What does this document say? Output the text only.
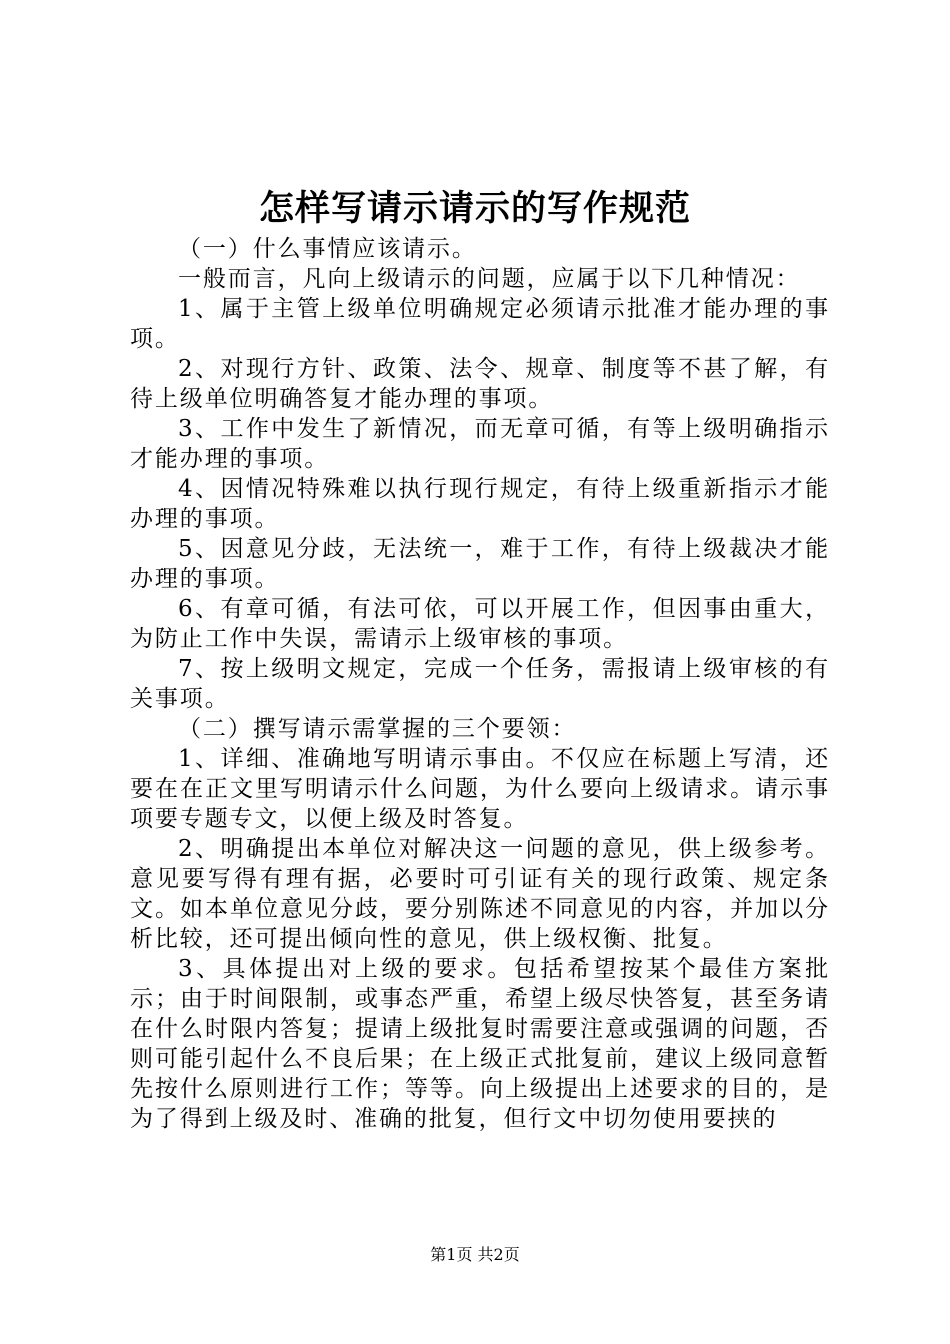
怎样写请示请示的写作规范

（一）什么事情应该请示。

一般而言，凡向上级请示的问题，应属于以下几种情况：

1、属于主管上级单位明确规定必须请示批准才能办理的事项。

2、对现行方针、政策、法令、规章、制度等不甚了解，有待上级单位明确答复才能办理的事项。

3、工作中发生了新情况，而无章可循，有等上级明确指示才能办理的事项。

4、因情况特殊难以执行现行规定，有待上级重新指示才能办理的事项。

5、因意见分歧，无法统一，难于工作，有待上级裁决才能办理的事项。

6、有章可循，有法可依，可以开展工作，但因事由重大，为防止工作中失误，需请示上级审核的事项。

7、按上级明文规定，完成一个任务，需报请上级审核的有关事项。

（二）撰写请示需掌握的三个要领：

1、详细、准确地写明请示事由。不仅应在标题上写清，还要在在正文里写明请示什么问题，为什么要向上级请求。请示事项要专题专文，以便上级及时答复。

2、明确提出本单位对解决这一问题的意见，供上级参考。意见要写得有理有据，必要时可引证有关的现行政策、规定条文。如本单位意见分歧，要分别陈述不同意见的内容，并加以分析比较，还可提出倾向性的意见，供上级权衡、批复。

3、具体提出对上级的要求。包括希望按某个最佳方案批示；由于时间限制，或事态严重，希望上级尽快答复，甚至务请在什么时限内答复；提请上级批复时需要注意或强调的问题，否则可能引起什么不良后果；在上级正式批复前，建议上级同意暂先按什么原则进行工作；等等。向上级提出上述要求的目的，是为了得到上级及时、准确的批复，但行文中切勿使用要挟的

第1页 共2页
